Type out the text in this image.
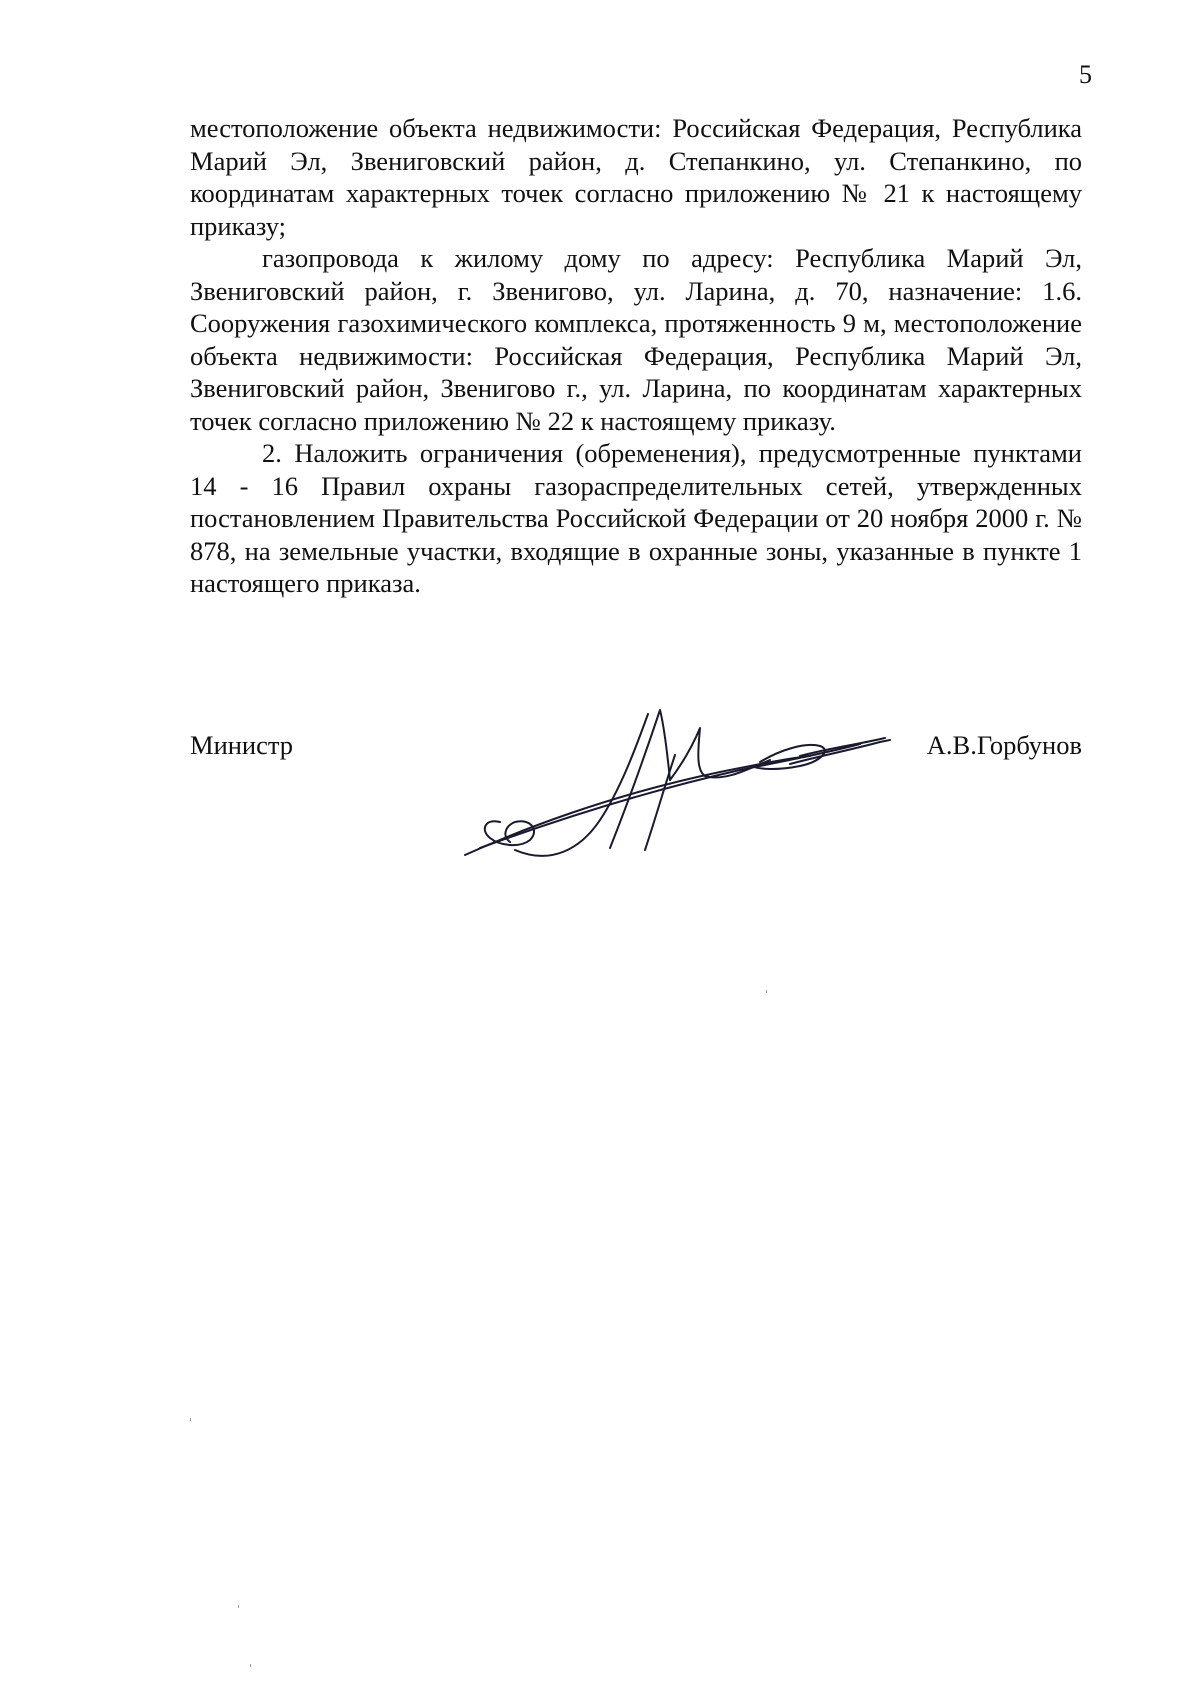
5

местоположение объекта недвижимости: Российская Федерация, Республика Марий Эл, Звениговский район, д. Степанкино, ул. Степанкино, по координатам характерных точек согласно приложению № 21 к настоящему приказу;

газопровода к жилому дому по адресу: Республика Марий Эл, Звениговский район, г. Звенигово, ул. Ларина, д. 70, назначение: 1.6. Сооружения газохимического комплекса, протяженность 9 м, местоположение объекта недвижимости: Российская Федерация, Республика Марий Эл, Звениговский район, Звенигово г., ул. Ларина, по координатам характерных точек согласно приложению № 22 к настоящему приказу.

2. Наложить ограничения (обременения), предусмотренные пунктами 14 - 16 Правил охраны газораспределительных сетей, утвержденных постановлением Правительства Российской Федерации от 20 ноября 2000 г. № 878, на земельные участки, входящие в охранные зоны, указанные в пункте 1 настоящего приказа.

Министр	А.В.Горбунов
